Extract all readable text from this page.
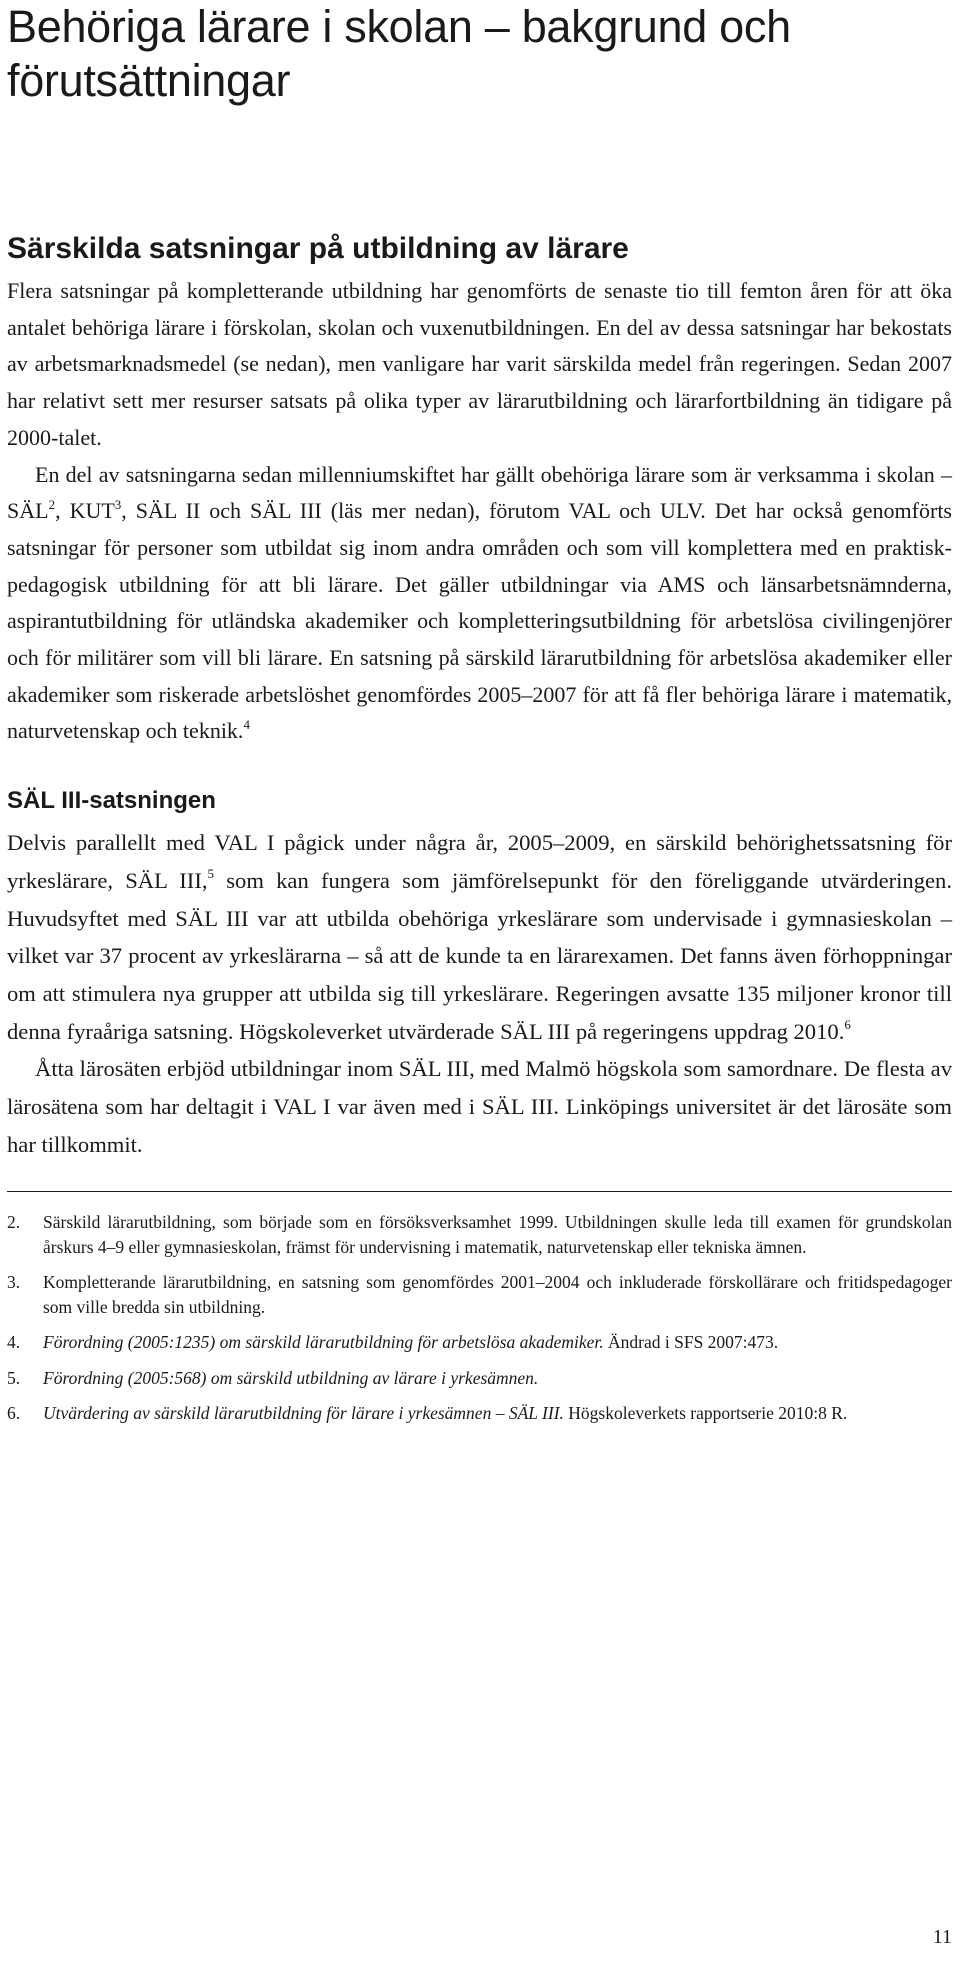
Behöriga lärare i skolan – bakgrund och
förutsättningar
Särskilda satsningar på utbildning av lärare

Flera satsningar på kompletterande utbildning har genomförts de senaste tio till femton åren för att öka antalet behöriga lärare i förskolan, skolan och vuxenutbildningen. En del av dessa satsningar har bekostats av arbetsmarknadsmedel (se nedan), men vanligare har varit särskilda medel från regeringen. Sedan 2007 har relativt sett mer resurser satsats på olika typer av lärarutbildning och lärarfortbildning än tidigare på 2000-talet.

En del av satsningarna sedan millenniumskiftet har gällt obehöriga lärare som är verksamma i skolan – SÄL$^2$, KUT$^3$, SÄL II och SÄL III (läs mer nedan), förutom VAL och ULV. Det har också genomförts satsningar för personer som utbildat sig inom andra områden och som vill komplettera med en praktisk-pedagogisk utbildning för att bli lärare. Det gäller utbildningar via AMS och länsarbetsnämnderna, aspirantutbildning för utländska akademiker och kompletteringsutbildning för arbetslösa civilingenjörer och för militärer som vill bli lärare. En satsning på särskild lärarutbildning för arbetslösa akademiker eller akademiker som riskerade arbetslöshet genomfördes 2005–2007 för att få fler behöriga lärare i matematik, naturvetenskap och teknik.$^4$

SÄL III-satsningen

Delvis parallellt med VAL I pågick under några år, 2005–2009, en särskild behörighetssatsning för yrkeslärare, SÄL III,$^5$ som kan fungera som jämförelsepunkt för den föreliggande utvärderingen. Huvudsyftet med SÄL III var att utbilda obehöriga yrkeslärare som undervisade i gymnasieskolan – vilket var 37 procent av yrkeslärarna – så att de kunde ta en lärarexamen. Det fanns även förhoppningar om att stimulera nya grupper att utbilda sig till yrkeslärare. Regeringen avsatte 135 miljoner kronor till denna fyraåriga satsning. Högskoleverket utvärderade SÄL III på regeringens uppdrag 2010.$^6$

Åtta lärosäten erbjöd utbildningar inom SÄL III, med Malmö högskola som samordnare. De flesta av lärosätena som har deltagit i VAL I var även med i SÄL III. Linköpings universitet är det lärosäte som har tillkommit.

2.	Särskild lärarutbildning, som började som en försöksverksamhet 1999. Utbildningen skulle leda till examen för grundskolan årskurs 4–9 eller gymnasieskolan, främst för undervisning i matematik, naturvetenskap eller tekniska ämnen.
3.	Kompletterande lärarutbildning, en satsning som genomfördes 2001–2004 och inkluderade förskollärare och fritidspedagoger som ville bredda sin utbildning.
4.	Förordning (2005:1235) om särskild lärarutbildning för arbetslösa akademiker. Ändrad i SFS 2007:473.
5.	Förordning (2005:568) om särskild utbildning av lärare i yrkesämnen.
6.	Utvärdering av särskild lärarutbildning för lärare i yrkesämnen – SÄL III. Högskoleverkets rapportserie 2010:8 R.
11
